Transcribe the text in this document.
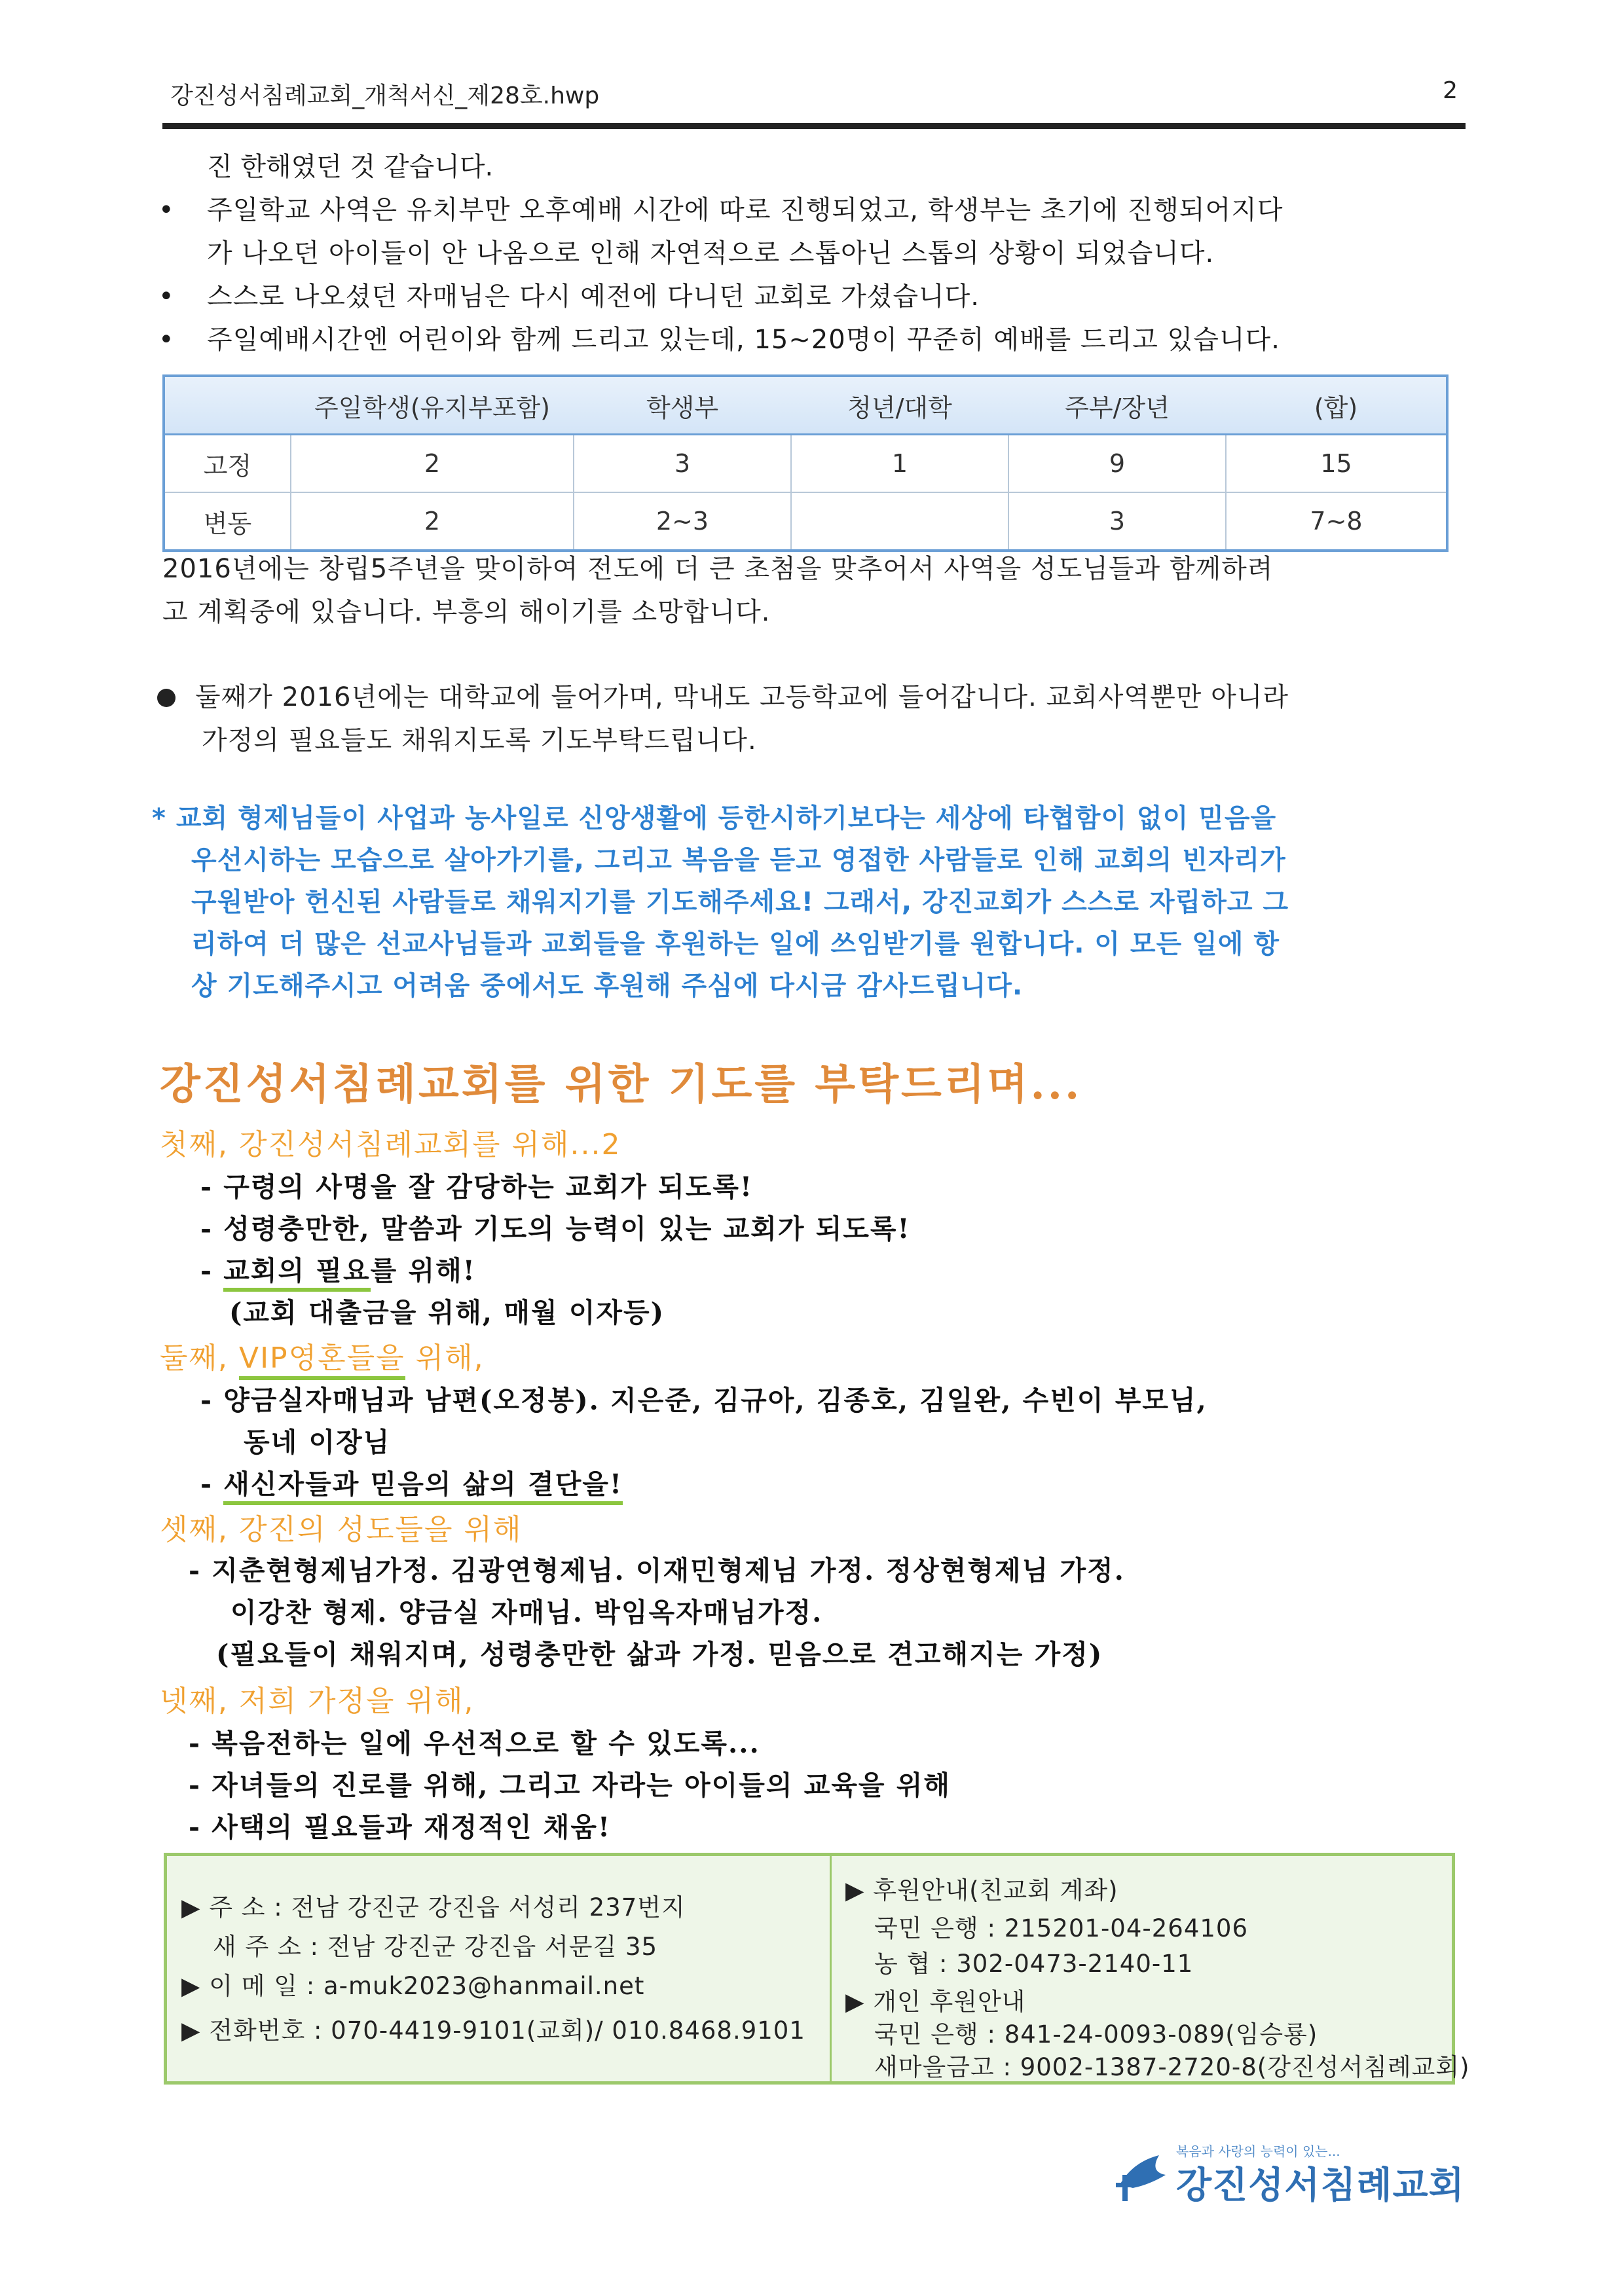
강진성서침례교회_개척서신_제28호.hwp	2
진 한해였던 것 같습니다.
• 주일학교 사역은 유치부만 오후예배 시간에 따로 진행되었고, 학생부는 초기에 진행되어지다
가 나오던 아이들이 안 나옴으로 인해 자연적으로 스톱아닌 스톱의 상황이 되었습니다.
• 스스로 나오셨던 자매님은 다시 예전에 다니던 교회로 가셨습니다.
• 주일예배시간엔 어린이와 함께 드리고 있는데, 15~20명이 꾸준히 예배를 드리고 있습니다.
	주일학생(유지부포함)	학생부	청년/대학	주부/장년	(합)
고정	2	3	1	9	15
변동	2	2~3		3	7~8
2016년에는 창립5주년을 맞이하여 전도에 더 큰 초첨을 맞추어서 사역을 성도님들과 함께하려
고 계획중에 있습니다. 부흥의 해이기를 소망합니다.
둘째가 2016년에는 대학교에 들어가며, 막내도 고등학교에 들어갑니다. 교회사역뿐만 아니라
가정의 필요들도 채워지도록 기도부탁드립니다.
* 교회 형제님들이 사업과 농사일로 신앙생활에 등한시하기보다는 세상에 타협함이 없이 믿음을
우선시하는 모습으로 살아가기를, 그리고 복음을 듣고 영접한 사람들로 인해 교회의 빈자리가
구원받아 헌신된 사람들로 채워지기를 기도해주세요! 그래서, 강진교회가 스스로 자립하고 그
리하여 더 많은 선교사님들과 교회들을 후원하는 일에 쓰임받기를 원합니다. 이 모든 일에 항
상 기도해주시고 어려움 중에서도 후원해 주심에 다시금 감사드립니다.
강진성서침례교회를 위한 기도를 부탁드리며...
첫째, 강진성서침례교회를 위해...2
- 구령의 사명을 잘 감당하는 교회가 되도록!
- 성령충만한, 말씀과 기도의 능력이 있는 교회가 되도록!
- 교회의 필요를 위해!
(교회 대출금을 위해, 매월 이자등)
둘째, VIP영혼들을 위해,
- 양금실자매님과 남편(오정봉). 지은준, 김규아, 김종호, 김일완, 수빈이 부모님,
동네 이장님
- 새신자들과 믿음의 삶의 결단을!
셋째, 강진의 성도들을 위해
- 지춘현형제님가정. 김광연형제님. 이재민형제님 가정. 정상현형제님 가정.
이강찬 형제. 양금실 자매님. 박임옥자매님가정.
(필요들이 채워지며, 성령충만한 삶과 가정. 믿음으로 견고해지는 가정)
넷째, 저희 가정을 위해,
- 복음전하는 일에 우선적으로 할 수 있도록...
- 자녀들의 진로를 위해, 그리고 자라는 아이들의 교육을 위해
- 사택의 필요들과 재정적인 채움!
▶ 주 소 : 전남 강진군 강진읍 서성리 237번지
새 주 소 : 전남 강진군 강진읍 서문길 35
▶ 이 메 일 : a-muk2023@hanmail.net
▶ 전화번호 : 070-4419-9101(교회)/ 010.8468.9101
▶ 후원안내(친교회 계좌)
국민 은행 : 215201-04-264106
농 협 : 302-0473-2140-11
▶ 개인 후원안내
국민 은행 : 841-24-0093-089(임승룡)
새마을금고 : 9002-1387-2720-8(강진성서침례교회)
복음과 사랑의 능력이 있는...
강진성서침례교회
